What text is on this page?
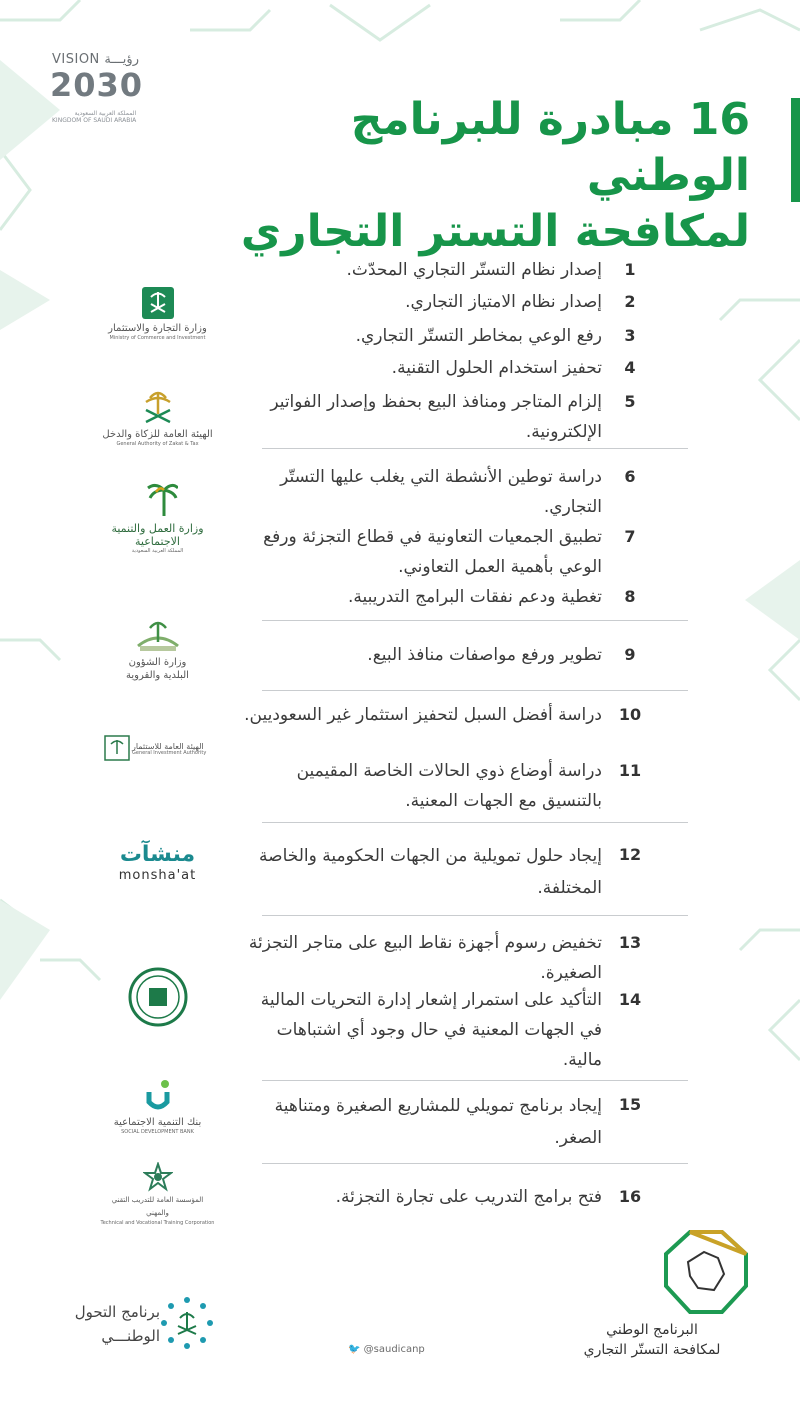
VISION رؤيـــة
2030
المملكة العربية السعودية
KINGDOM OF SAUDI ARABIA	16 مبادرة للبرنامج الوطني
لمكافحة التستر التجاري
1
إصدار نظام التستّر التجاري المحدّث.
2
إصدار نظام الامتياز التجاري.
3
رفع الوعي بمخاطر التستّر التجاري.
4
تحفيز استخدام الحلول التقنية.
5
إلزام المتاجر ومنافذ البيع بحفظ وإصدار الفواتير الإلكترونية.
6
دراسة توطين الأنشطة التي يغلب عليها التستّر التجاري.
7
تطبيق الجمعيات التعاونية في قطاع التجزئة ورفع الوعي بأهمية العمل التعاوني.
8
تغطية ودعم نفقات البرامج التدريبية.
9
تطوير ورفع مواصفات منافذ البيع.
10
دراسة أفضل السبل لتحفيز استثمار غير السعوديين.
11
دراسة أوضاع ذوي الحالات الخاصة المقيمين بالتنسيق مع الجهات المعنية.
12
إيجاد حلول تمويلية من الجهات الحكومية والخاصة المختلفة.
13
تخفيض رسوم أجهزة نقاط البيع على متاجر التجزئة الصغيرة.
14
التأكيد على استمرار إشعار إدارة التحريات المالية في الجهات المعنية في حال وجود أي اشتباهات مالية.
15
إيجاد برنامج تمويلي للمشاريع الصغيرة ومتناهية الصغر.
16
فتح برامج التدريب على تجارة التجزئة.
وزارة التجارة والاستثمار
Ministry of Commerce and Investment
الهيئة العامة للزكاة والدخل
General Authority of Zakat & Tax
وزارة العمل والتنمية الاجتماعية
المملكة العربية السعودية
وزارة الشؤون البلدية والقروية
الهيئة العامة للاستثمار
General Investment Authority
منشآت
monsha'at
بنك التنمية الاجتماعية
SOCIAL DEVELOPMENT BANK
المؤسسة العامة للتدريب التقني والمهني
Technical and Vocational Training Corporation
البرنامج الوطني
لمكافحة التستّر التجاري
🐦 @saudicanp
برنامج التحول
الوطنـــي
